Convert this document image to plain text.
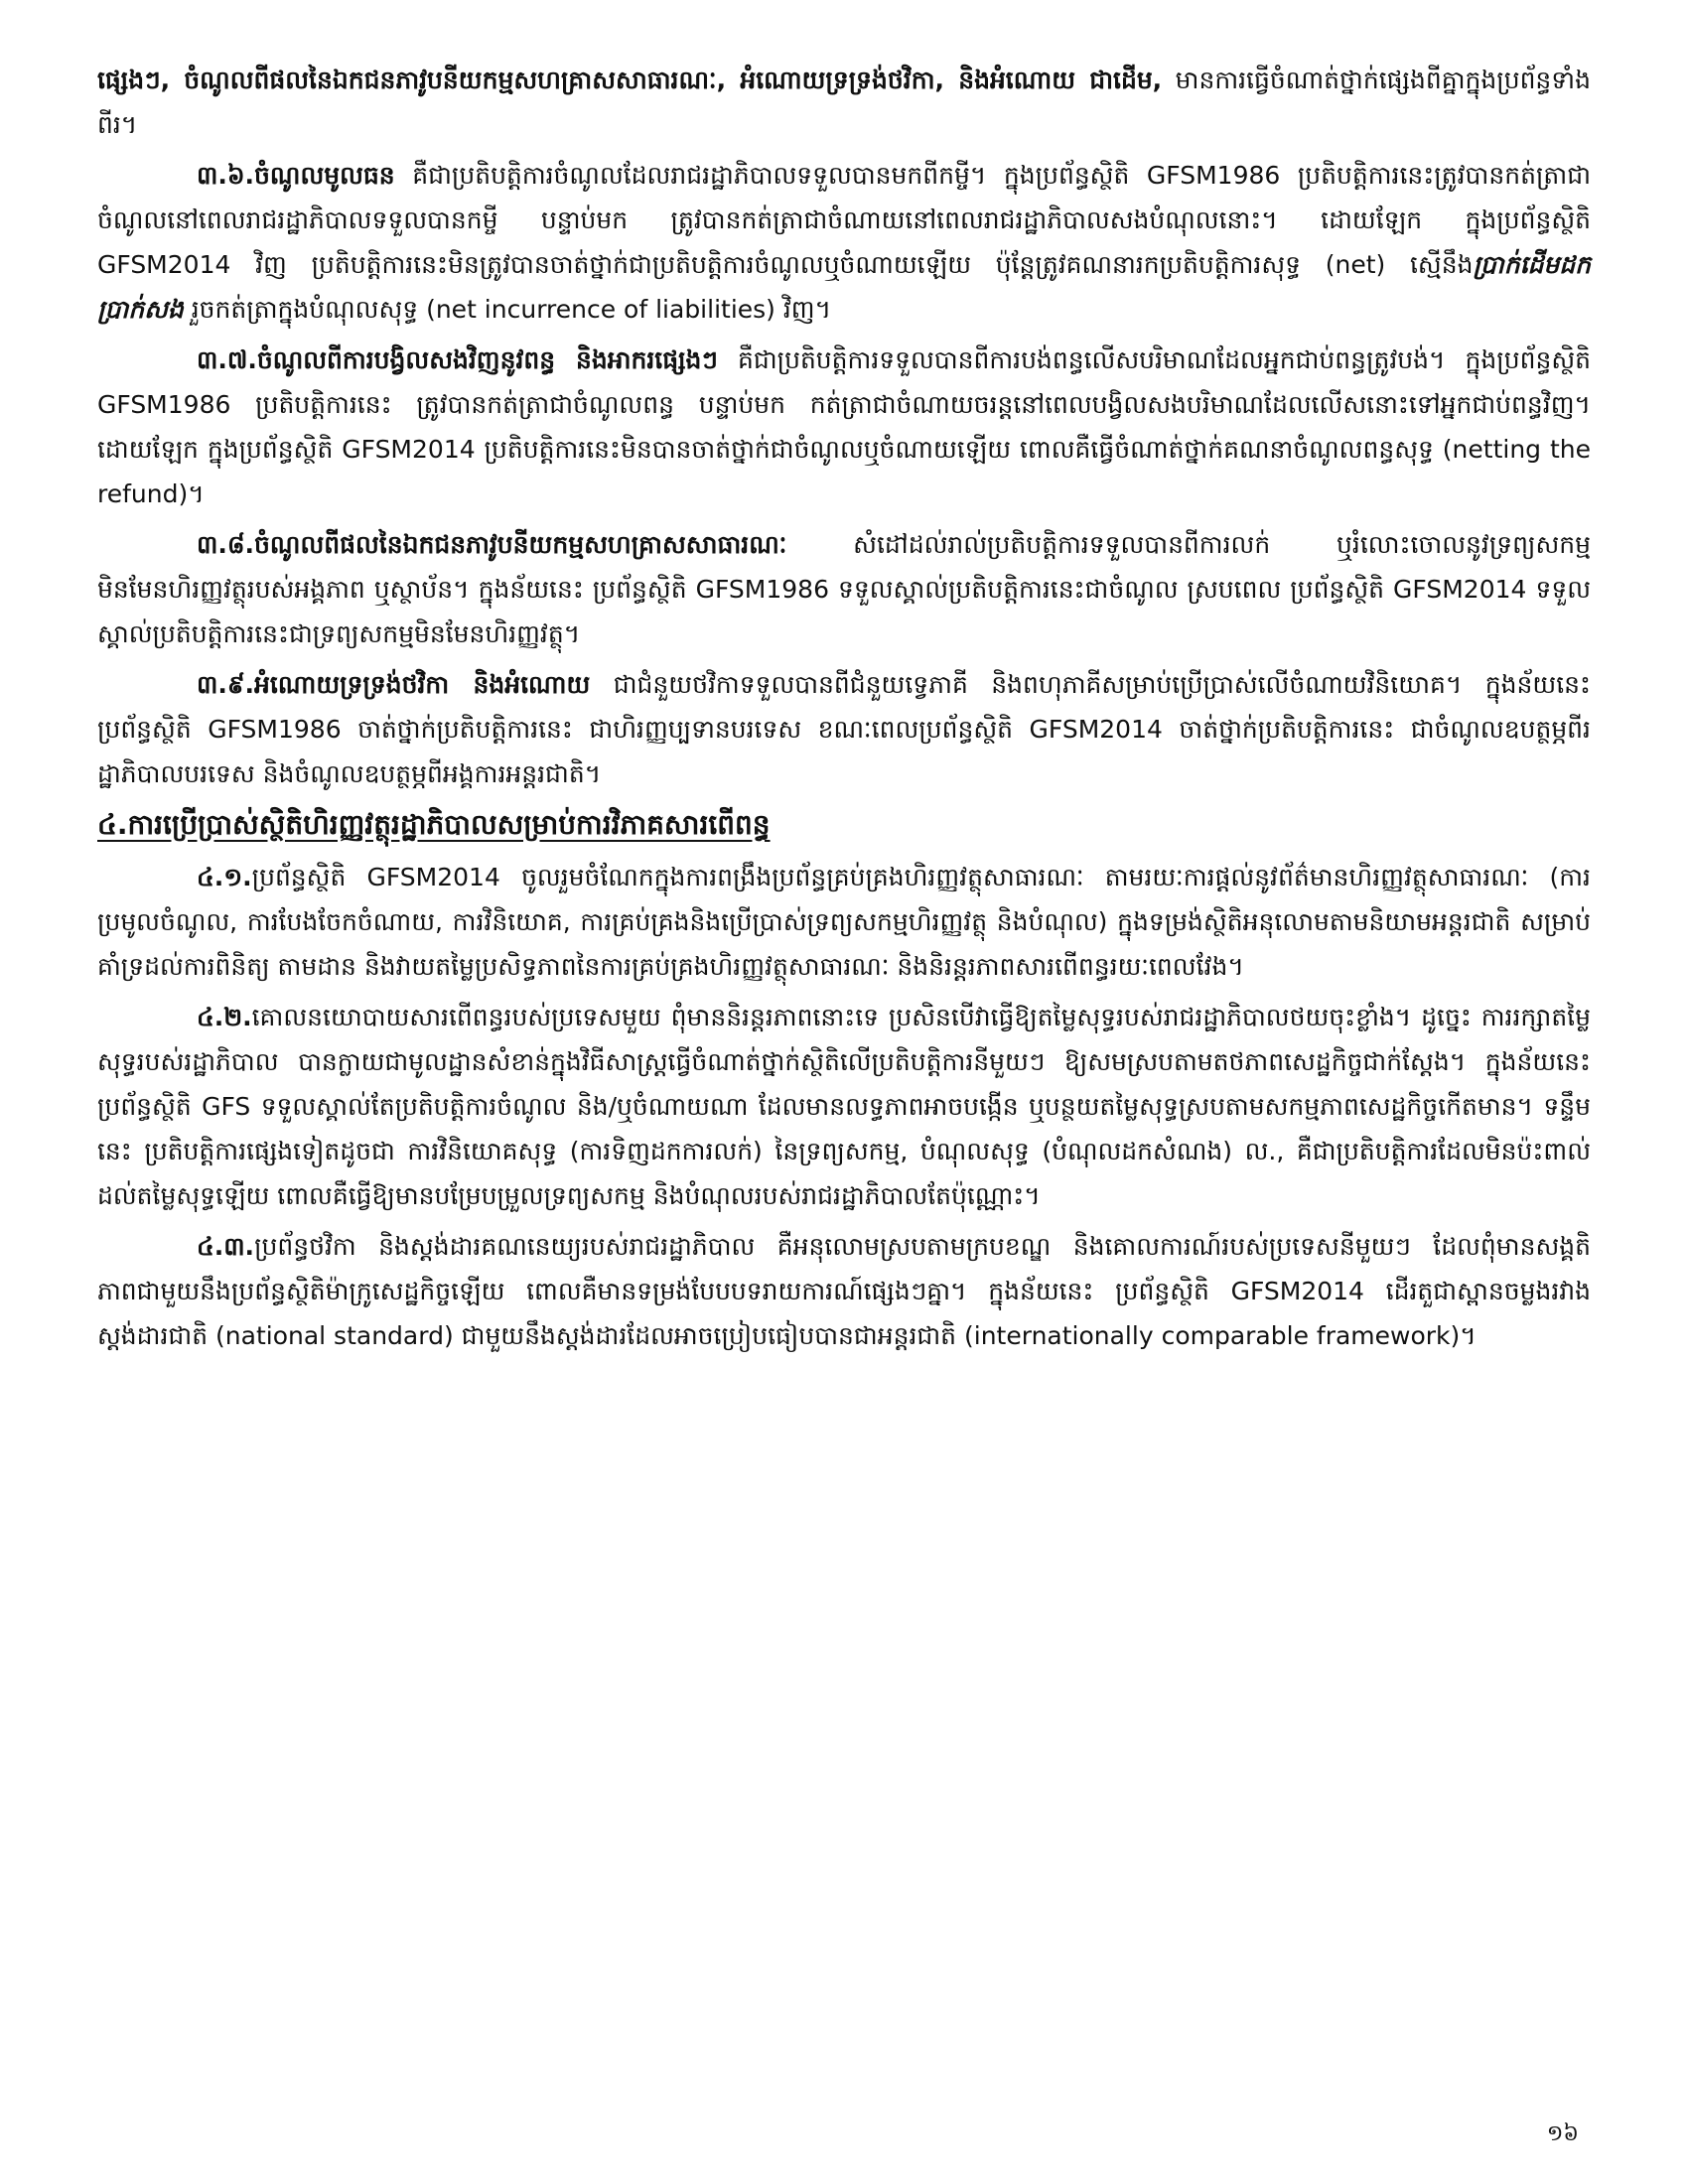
ផ្សេងៗ, ចំណូលពីផលនៃឯកជនភាវូបនីយកម្មសហគ្រាសសាធារណៈ, អំណោយទ្រទ្រង់ថវិកា, និងអំណោយ ជាដើម, មានការធ្វើចំណាត់ថ្នាក់ផ្សេងពីគ្នាក្នុងប្រព័ន្ធទាំងពីរ។

៣.៦.ចំណូលមូលធន គឺជាប្រតិបត្តិការចំណូលដែលរាជរដ្ឋាភិបាលទទួលបានមកពីកម្ចី។ ក្នុងប្រព័ន្ធស្ថិតិ GFSM1986 ប្រតិបត្តិការនេះត្រូវបានកត់ត្រាជាចំណូលនៅពេលរាជរដ្ឋាភិបាលទទួលបានកម្ចី បន្ទាប់មក ត្រូវបានកត់ត្រាជាចំណាយនៅពេលរាជរដ្ឋាភិបាលសងបំណុលនោះ។ ដោយឡែក ក្នុងប្រព័ន្ធស្ថិតិ GFSM2014 វិញ ប្រតិបត្តិការនេះមិនត្រូវបានចាត់ថ្នាក់ជាប្រតិបត្តិការចំណូលឬចំណាយឡើយ ប៉ុន្តែត្រូវគណនារកប្រតិបត្តិការសុទ្ធ (net) ស្មើនឹងប្រាក់ដើមដកប្រាក់សង រួចកត់ត្រាក្នុងបំណុលសុទ្ធ (net incurrence of liabilities) វិញ។

៣.៧.ចំណូលពីការបង្វិលសងវិញនូវពន្ធ និងអាករផ្សេងៗ គឺជាប្រតិបត្តិការទទួលបានពីការបង់ពន្ធលើសបរិមាណដែលអ្នកជាប់ពន្ធត្រូវបង់។ ក្នុងប្រព័ន្ធស្ថិតិ GFSM1986 ប្រតិបត្តិការនេះ ត្រូវបានកត់ត្រាជាចំណូលពន្ធ បន្ទាប់មក កត់ត្រាជាចំណាយចរន្តនៅពេលបង្វិលសងបរិមាណដែលលើសនោះទៅអ្នកជាប់ពន្ធវិញ។ ដោយឡែក ក្នុងប្រព័ន្ធស្ថិតិ GFSM2014 ប្រតិបត្តិការនេះមិនបានចាត់ថ្នាក់ជាចំណូលឬចំណាយឡើយ ពោលគឺធ្វើចំណាត់ថ្នាក់គណនាចំណូលពន្ធសុទ្ធ (netting the refund)។

៣.៨.ចំណូលពីផលនៃឯកជនភាវូបនីយកម្មសហគ្រាសសាធារណៈ សំដៅដល់រាល់ប្រតិបត្តិការទទួលបានពីការលក់ ឬរំលោះចោលនូវទ្រព្យសកម្មមិនមែនហិរញ្ញវត្ថុរបស់អង្គភាព ឬស្ថាប័ន។ ក្នុងន័យនេះ ប្រព័ន្ធស្ថិតិ GFSM1986 ទទួលស្គាល់ប្រតិបត្តិការនេះជាចំណូល ស្របពេល ប្រព័ន្ធស្ថិតិ GFSM2014 ទទួលស្គាល់ប្រតិបត្តិការនេះជាទ្រព្យសកម្មមិនមែនហិរញ្ញវត្ថុ។

៣.៩.អំណោយទ្រទ្រង់ថវិកា និងអំណោយ ជាជំនួយថវិកាទទួលបានពីជំនួយទ្វេភាគី និងពហុភាគីសម្រាប់ប្រើប្រាស់លើចំណាយវិនិយោគ។ ក្នុងន័យនេះ ប្រព័ន្ធស្ថិតិ GFSM1986 ចាត់ថ្នាក់ប្រតិបត្តិការនេះ ជាហិរញ្ញប្បទានបរទេស ខណៈពេលប្រព័ន្ធស្ថិតិ GFSM2014 ចាត់ថ្នាក់ប្រតិបត្តិការនេះ ជាចំណូលឧបត្ថម្ភពីរដ្ឋាភិបាលបរទេស និងចំណូលឧបត្ថម្ភពីអង្គការអន្តរជាតិ។

៤.ការប្រើប្រាស់ស្ថិតិហិរញ្ញវត្ថុរដ្ឋាភិបាលសម្រាប់ការវិភាគសារពើពន្ធ

៤.១.ប្រព័ន្ធស្ថិតិ GFSM2014 ចូលរួមចំណែកក្នុងការពង្រឹងប្រព័ន្ធគ្រប់គ្រងហិរញ្ញវត្ថុសាធារណៈ តាមរយៈការផ្តល់នូវព័ត៌មានហិរញ្ញវត្ថុសាធារណៈ (ការប្រមូលចំណូល, ការបែងចែកចំណាយ, ការវិនិយោគ, ការគ្រប់គ្រងនិងប្រើប្រាស់ទ្រព្យសកម្មហិរញ្ញវត្ថុ និងបំណុល) ក្នុងទម្រង់ស្ថិតិអនុលោមតាមនិយាមអន្តរជាតិ សម្រាប់គាំទ្រដល់ការពិនិត្យ តាមដាន និងវាយតម្លៃប្រសិទ្ធភាពនៃការគ្រប់គ្រងហិរញ្ញវត្ថុសាធារណៈ និងនិរន្តរភាពសារពើពន្ធរយៈពេលវែង។

៤.២.គោលនយោបាយសារពើពន្ធរបស់ប្រទេសមួយ ពុំមាននិរន្តរភាពនោះទេ ប្រសិនបើវាធ្វើឱ្យតម្លៃសុទ្ធរបស់រាជរដ្ឋាភិបាលថយចុះខ្លាំង។ ដូច្នេះ ការរក្សាតម្លៃសុទ្ធរបស់រដ្ឋាភិបាល បានក្លាយជាមូលដ្ឋានសំខាន់ក្នុងវិធីសាស្ត្រធ្វើចំណាត់ថ្នាក់ស្ថិតិលើប្រតិបត្តិការនីមួយៗ ឱ្យសមស្របតាមតថភាពសេដ្ឋកិច្ចជាក់ស្តែង។ ក្នុងន័យនេះ ប្រព័ន្ធស្ថិតិ GFS ទទួលស្គាល់តែប្រតិបត្តិការចំណូល និង/ឬចំណាយណា ដែលមានលទ្ធភាពអាចបង្កើន ឬបន្ថយតម្លៃសុទ្ធស្របតាមសកម្មភាពសេដ្ឋកិច្ចកើតមាន។ ទន្ទឹមនេះ ប្រតិបត្តិការផ្សេងទៀតដូចជា ការវិនិយោគសុទ្ធ (ការទិញដកការលក់) នៃទ្រព្យសកម្ម, បំណុលសុទ្ធ (បំណុលដកសំណង) ល., គឺជាប្រតិបត្តិការដែលមិនប៉ះពាល់ដល់តម្លៃសុទ្ធឡើយ ពោលគឺធ្វើឱ្យមានបម្រែបម្រួលទ្រព្យសកម្ម និងបំណុលរបស់រាជរដ្ឋាភិបាលតែប៉ុណ្ណោះ។

៤.៣.ប្រព័ន្ធថវិកា និងស្តង់ដារគណនេយ្យរបស់រាជរដ្ឋាភិបាល គឺអនុលោមស្របតាមក្របខណ្ឌ និងគោលការណ៍របស់ប្រទេសនីមួយៗ ដែលពុំមានសង្គតិភាពជាមួយនឹងប្រព័ន្ធស្ថិតិម៉ាក្រូសេដ្ឋកិច្ចឡើយ ពោលគឺមានទម្រង់បែបបទរាយការណ៍ផ្សេងៗគ្នា។ ក្នុងន័យនេះ ប្រព័ន្ធស្ថិតិ GFSM2014 ដើរតួជាស្ពានចម្លងរវាងស្តង់ដារជាតិ (national standard) ជាមួយនឹងស្តង់ដារដែលអាចប្រៀបធៀបបានជាអន្តរជាតិ (internationally comparable framework)។

១៦
